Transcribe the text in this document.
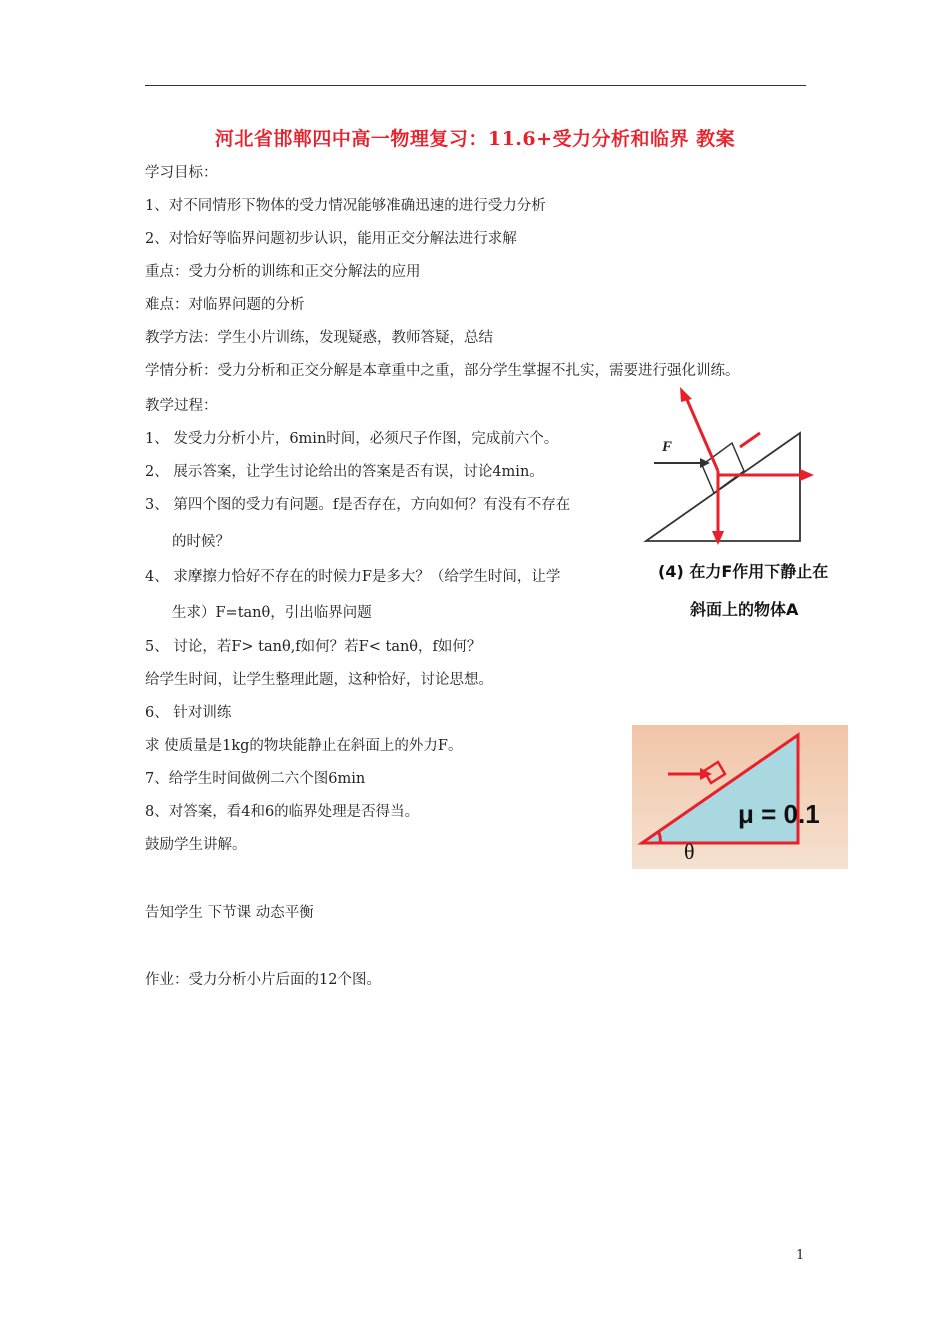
河北省邯郸四中高一物理复习：11.6+受力分析和临界 教案
学习目标：
1、对不同情形下物体的受力情况能够准确迅速的进行受力分析
2、对恰好等临界问题初步认识，能用正交分解法进行求解
重点：受力分析的训练和正交分解法的应用
难点：对临界问题的分析
教学方法：学生小片训练，发现疑惑，教师答疑，总结
学情分析：受力分析和正交分解是本章重中之重，部分学生掌握不扎实，需要进行强化训练。
教学过程：
1、 发受力分析小片，6min时间，必须尺子作图，完成前六个。
2、 展示答案，让学生讨论给出的答案是否有误，讨论4min。
3、 第四个图的受力有问题。f是否存在，方向如何？有没有不存在
的时候？
4、 求摩擦力恰好不存在的时候力F是多大？（给学生时间，让学
生求）F=tanθ，引出临界问题
5、 讨论，若F> tanθ,f如何？若F< tanθ，f如何？
给学生时间，让学生整理此题，这种恰好，讨论思想。
6、 针对训练
求 使质量是1kg的物块能静止在斜面上的外力F。
7、给学生时间做例二六个图6min
8、对答案，看4和6的临界处理是否得当。
鼓励学生讲解。
告知学生 下节课 动态平衡
作业：受力分析小片后面的12个图。
F
(4) 在力F作用下静止在
斜面上的物体A
μ = 0.1
θ
1
